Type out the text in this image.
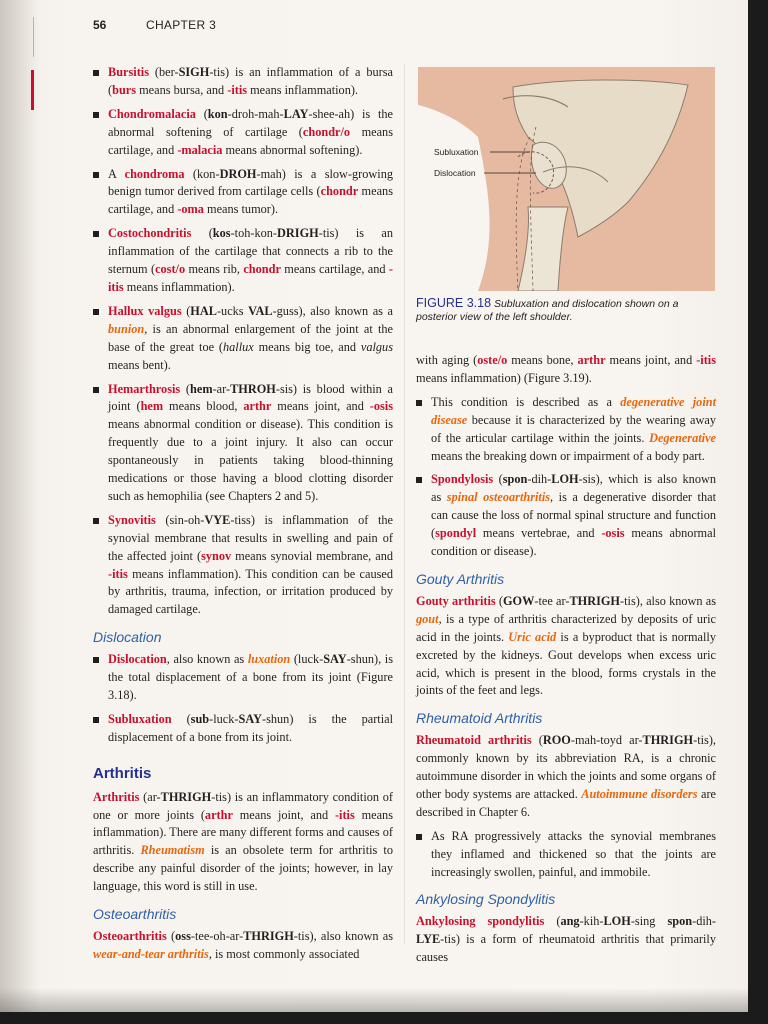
56	CHAPTER 3
Bursitis (ber-SIGH-tis) is an inflammation of a bursa (burs means bursa, and -itis means inflammation).
Chondromalacia (kon-droh-mah-LAY-shee-ah) is the abnormal softening of cartilage (chondr/o means cartilage, and -malacia means abnormal softening).
A chondroma (kon-DROH-mah) is a slow-growing benign tumor derived from cartilage cells (chondr means cartilage, and -oma means tumor).
Costochondritis (kos-toh-kon-DRIGH-tis) is an inflammation of the cartilage that connects a rib to the sternum (cost/o means rib, chondr means cartilage, and -itis means inflammation).
Hallux valgus (HAL-ucks VAL-guss), also known as a bunion, is an abnormal enlargement of the joint at the base of the great toe (hallux means big toe, and valgus means bent).
Hemarthrosis (hem-ar-THROH-sis) is blood within a joint (hem means blood, arthr means joint, and -osis means abnormal condition or disease). This condition is frequently due to a joint injury. It also can occur spontaneously in patients taking blood-thinning medications or those having a blood clotting disorder such as hemophilia (see Chapters 2 and 5).
Synovitis (sin-oh-VYE-tiss) is inflammation of the synovial membrane that results in swelling and pain of the affected joint (synov means synovial membrane, and -itis means inflammation). This condition can be caused by arthritis, trauma, infection, or irritation produced by damaged cartilage.
Dislocation
Dislocation, also known as luxation (luck-SAY-shun), is the total displacement of a bone from its joint (Figure 3.18).
Subluxation (sub-luck-SAY-shun) is the partial displacement of a bone from its joint.
Arthritis

Arthritis (ar-THRIGH-tis) is an inflammatory condition of one or more joints (arthr means joint, and -itis means inflammation). There are many different forms and causes of arthritis. Rheumatism is an obsolete term for arthritis to describe any painful disorder of the joints; however, in lay language, this word is still in use.

Osteoarthritis

Osteoarthritis (oss-tee-oh-ar-THRIGH-tis), also known as wear-and-tear arthritis, is most commonly associated

Subluxation
Dislocation
FIGURE 3.18 Subluxation and dislocation shown on a posterior view of the left shoulder.

with aging (oste/o means bone, arthr means joint, and -itis means inflammation) (Figure 3.19).

This condition is described as a degenerative joint disease because it is characterized by the wearing away of the articular cartilage within the joints. Degenerative means the breaking down or impairment of a body part.
Spondylosis (spon-dih-LOH-sis), which is also known as spinal osteoarthritis, is a degenerative disorder that can cause the loss of normal spinal structure and function (spondyl means vertebrae, and -osis means abnormal condition or disease).
Gouty Arthritis

Gouty arthritis (GOW-tee ar-THRIGH-tis), also known as gout, is a type of arthritis characterized by deposits of uric acid in the joints. Uric acid is a byproduct that is normally excreted by the kidneys. Gout develops when excess uric acid, which is present in the blood, forms crystals in the joints of the feet and legs.

Rheumatoid Arthritis

Rheumatoid arthritis (ROO-mah-toyd ar-THRIGH-tis), commonly known by its abbreviation RA, is a chronic autoimmune disorder in which the joints and some organs of other body systems are attacked. Autoimmune disorders are described in Chapter 6.

As RA progressively attacks the synovial membranes they inflamed and thickened so that the joints are increasingly swollen, painful, and immobile.
Ankylosing Spondylitis

Ankylosing spondylitis (ang-kih-LOH-sing spon-dih-LYE-tis) is a form of rheumatoid arthritis that primarily causes
